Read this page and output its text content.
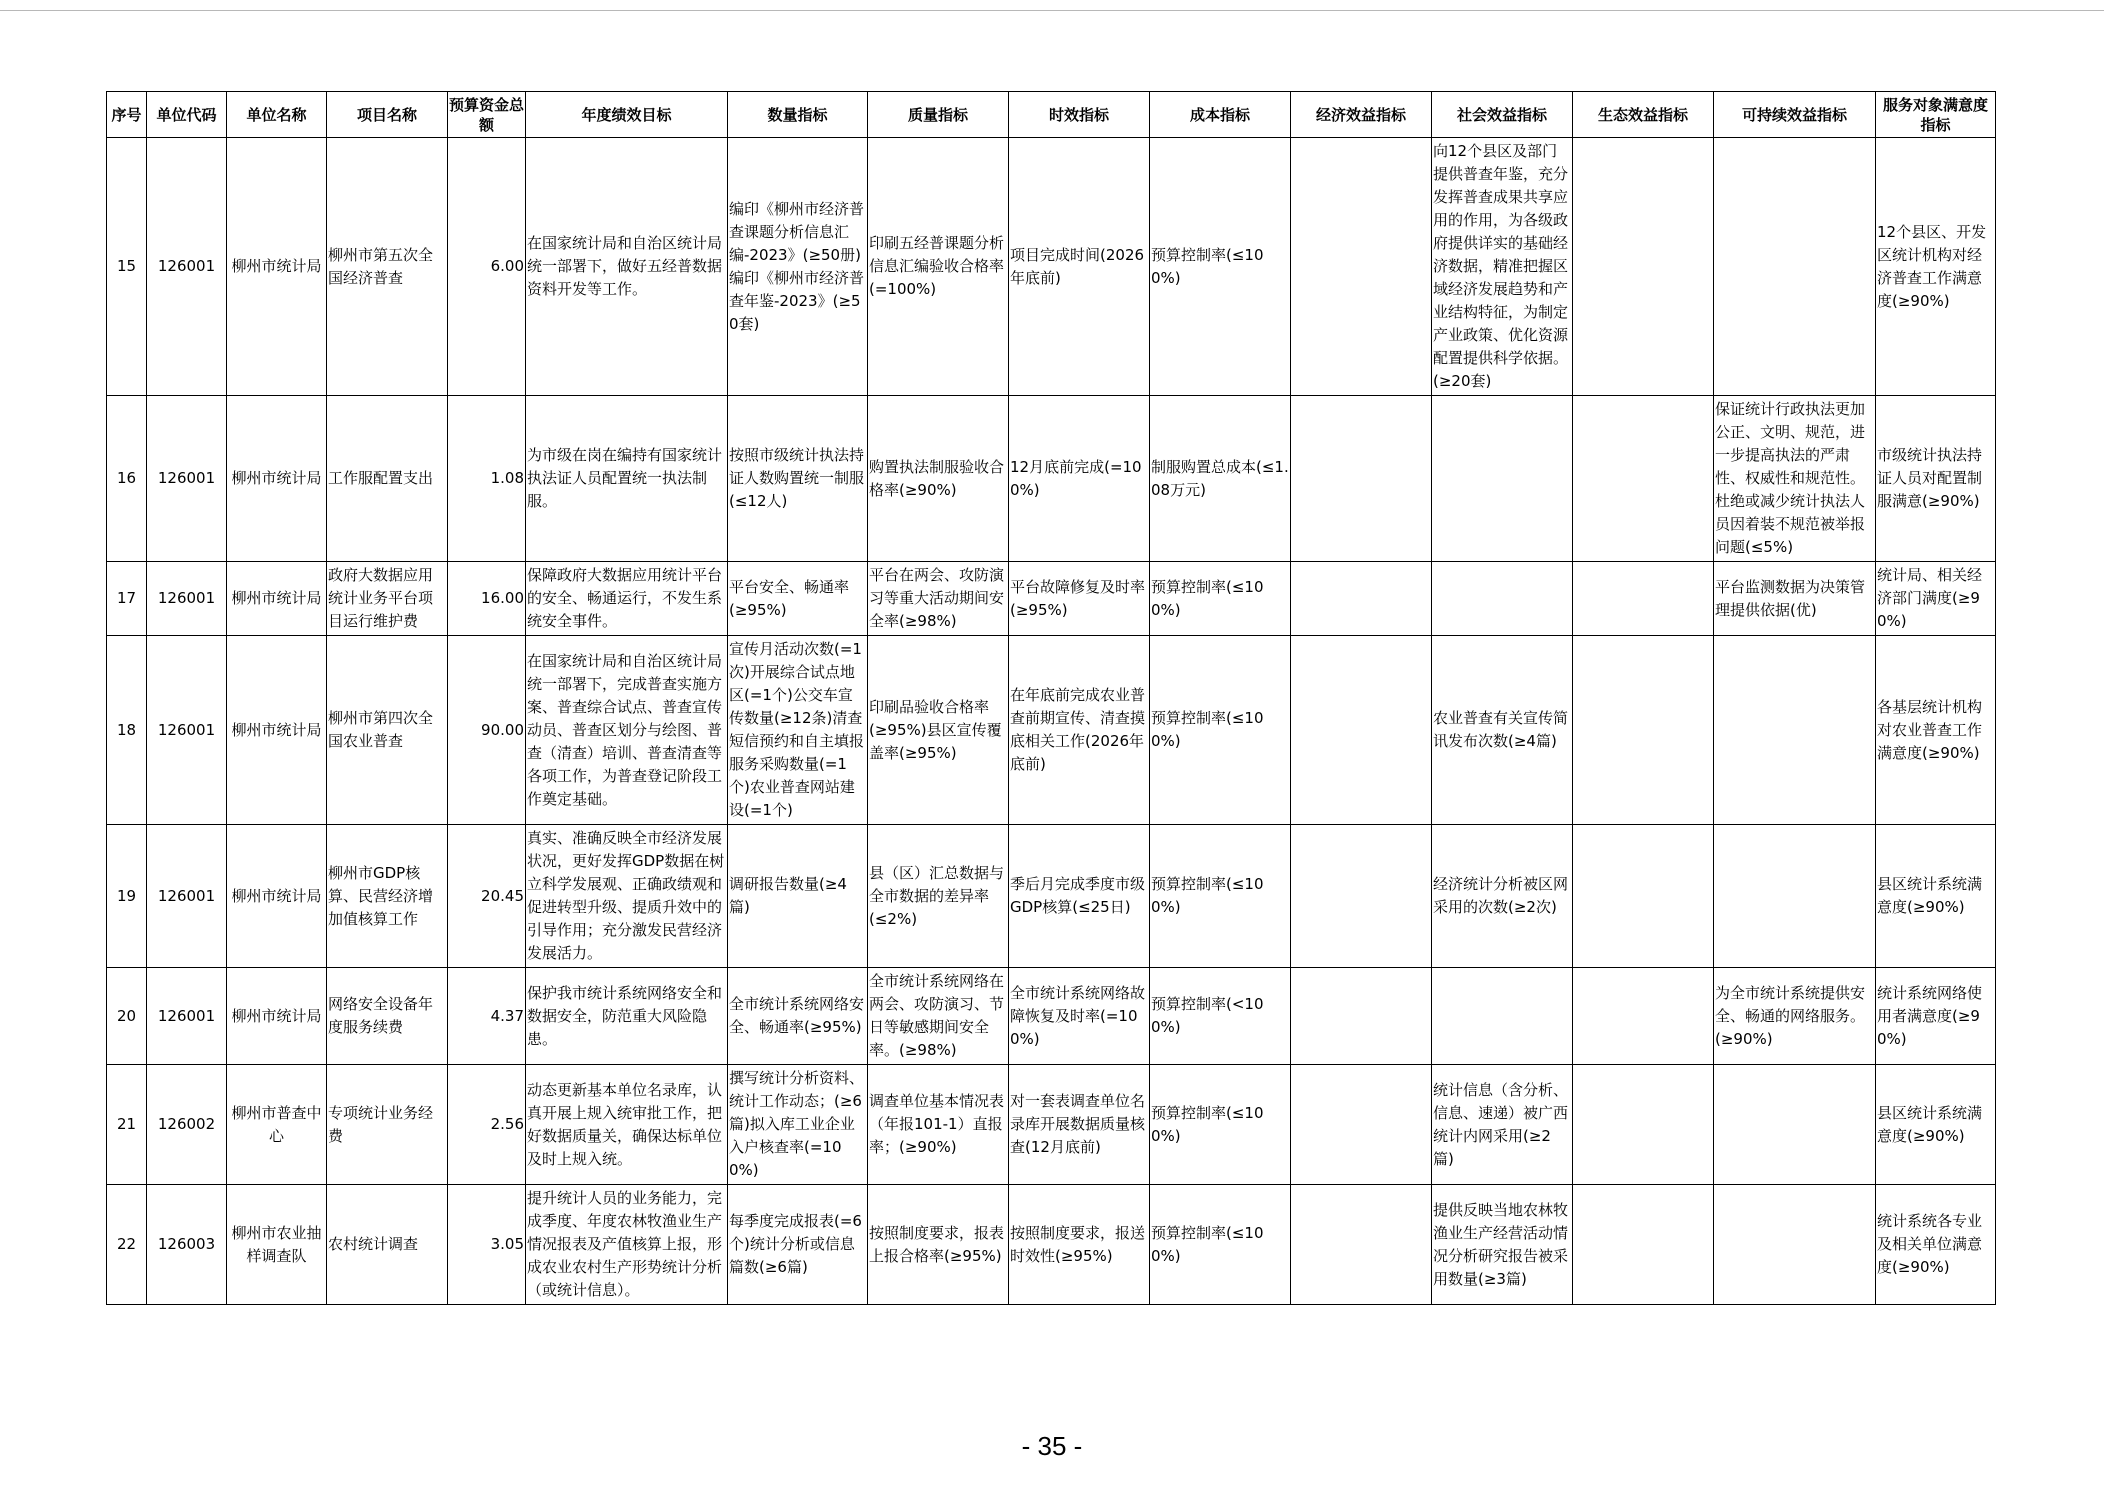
序号	单位代码	单位名称	项目名称	预算资金总额	年度绩效目标	数量指标	质量指标	时效指标	成本指标	经济效益指标	社会效益指标	生态效益指标	可持续效益指标	服务对象满意度指标
15	126001	柳州市统计局	柳州市第五次全国经济普查	6.00	在国家统计局和自治区统计局统一部署下，做好五经普数据资料开发等工作。	编印《柳州市经济普查课题分析信息汇编-2023》(≥50册)编印《柳州市经济普查年鉴-2023》(≥50套)	印刷五经普课题分析信息汇编验收合格率(=100%)	项目完成时间(2026年底前)	预算控制率(≤100%)		向12个县区及部门提供普查年鉴，充分发挥普查成果共享应用的作用，为各级政府提供详实的基础经济数据，精准把握区域经济发展趋势和产业结构特征，为制定产业政策、优化资源配置提供科学依据。(≥20套)			12个县区、开发区统计机构对经济普查工作满意度(≥90%)
16	126001	柳州市统计局	工作服配置支出	1.08	为市级在岗在编持有国家统计执法证人员配置统一执法制服。	按照市级统计执法持证人数购置统一制服(≤12人)	购置执法制服验收合格率(≥90%)	12月底前完成(=100%)	制服购置总成本(≤1.08万元)				保证统计行政执法更加公正、文明、规范，进一步提高执法的严肃性、权威性和规范性。杜绝或减少统计执法人员因着装不规范被举报问题(≤5%)	市级统计执法持证人员对配置制服满意(≥90%)
17	126001	柳州市统计局	政府大数据应用统计业务平台项目运行维护费	16.00	保障政府大数据应用统计平台的安全、畅通运行，不发生系统安全事件。	平台安全、畅通率(≥95%)	平台在两会、攻防演习等重大活动期间安全率(≥98%)	平台故障修复及时率(≥95%)	预算控制率(≤100%)				平台监测数据为决策管理提供依据(优)	统计局、相关经济部门满度(≥90%)
18	126001	柳州市统计局	柳州市第四次全国农业普查	90.00	在国家统计局和自治区统计局统一部署下，完成普查实施方案、普查综合试点、普查宣传动员、普查区划分与绘图、普查（清查）培训、普查清查等各项工作，为普查登记阶段工作奠定基础。	宣传月活动次数(=1次)开展综合试点地区(=1个)公交车宣传数量(≥12条)清查短信预约和自主填报服务采购数量(=1个)农业普查网站建设(=1个)	印刷品验收合格率(≥95%)县区宣传覆盖率(≥95%)	在年底前完成农业普查前期宣传、清查摸底相关工作(2026年底前)	预算控制率(≤100%)		农业普查有关宣传简讯发布次数(≥4篇)			各基层统计机构对农业普查工作满意度(≥90%)
19	126001	柳州市统计局	柳州市GDP核算、民营经济增加值核算工作	20.45	真实、准确反映全市经济发展状况，更好发挥GDP数据在树立科学发展观、正确政绩观和促进转型升级、提质升效中的引导作用；充分激发民营经济发展活力。	调研报告数量(≥4篇)	县（区）汇总数据与全市数据的差异率(≤2%)	季后月完成季度市级GDP核算(≤25日)	预算控制率(≤100%)		经济统计分析被区网采用的次数(≥2次)			县区统计系统满意度(≥90%)
20	126001	柳州市统计局	网络安全设备年度服务续费	4.37	保护我市统计系统网络安全和数据安全，防范重大风险隐患。	全市统计系统网络安全、畅通率(≥95%)	全市统计系统网络在两会、攻防演习、节日等敏感期间安全率。(≥98%)	全市统计系统网络故障恢复及时率(=100%)	预算控制率(<100%)				为全市统计系统提供安全、畅通的网络服务。(≥90%)	统计系统网络使用者满意度(≥90%)
21	126002	柳州市普查中心	专项统计业务经费	2.56	动态更新基本单位名录库，认真开展上规入统审批工作，把好数据质量关，确保达标单位及时上规入统。	撰写统计分析资料、统计工作动态；(≥6篇)拟入库工业企业入户核查率(=100%)	调查单位基本情况表（年报101-1）直报率；(≥90%)	对一套表调查单位名录库开展数据质量核查(12月底前)	预算控制率(≤100%)		统计信息（含分析、信息、速递）被广西统计内网采用(≥2篇)			县区统计系统满意度(≥90%)
22	126003	柳州市农业抽样调查队	农村统计调查	3.05	提升统计人员的业务能力，完成季度、年度农林牧渔业生产情况报表及产值核算上报，形成农业农村生产形势统计分析（或统计信息）。	每季度完成报表(=6个)统计分析或信息篇数(≥6篇)	按照制度要求，报表上报合格率(≥95%)	按照制度要求，报送时效性(≥95%)	预算控制率(≤100%)		提供反映当地农林牧渔业生产经营活动情况分析研究报告被采用数量(≥3篇)			统计系统各专业及相关单位满意度(≥90%)
- 35 -
